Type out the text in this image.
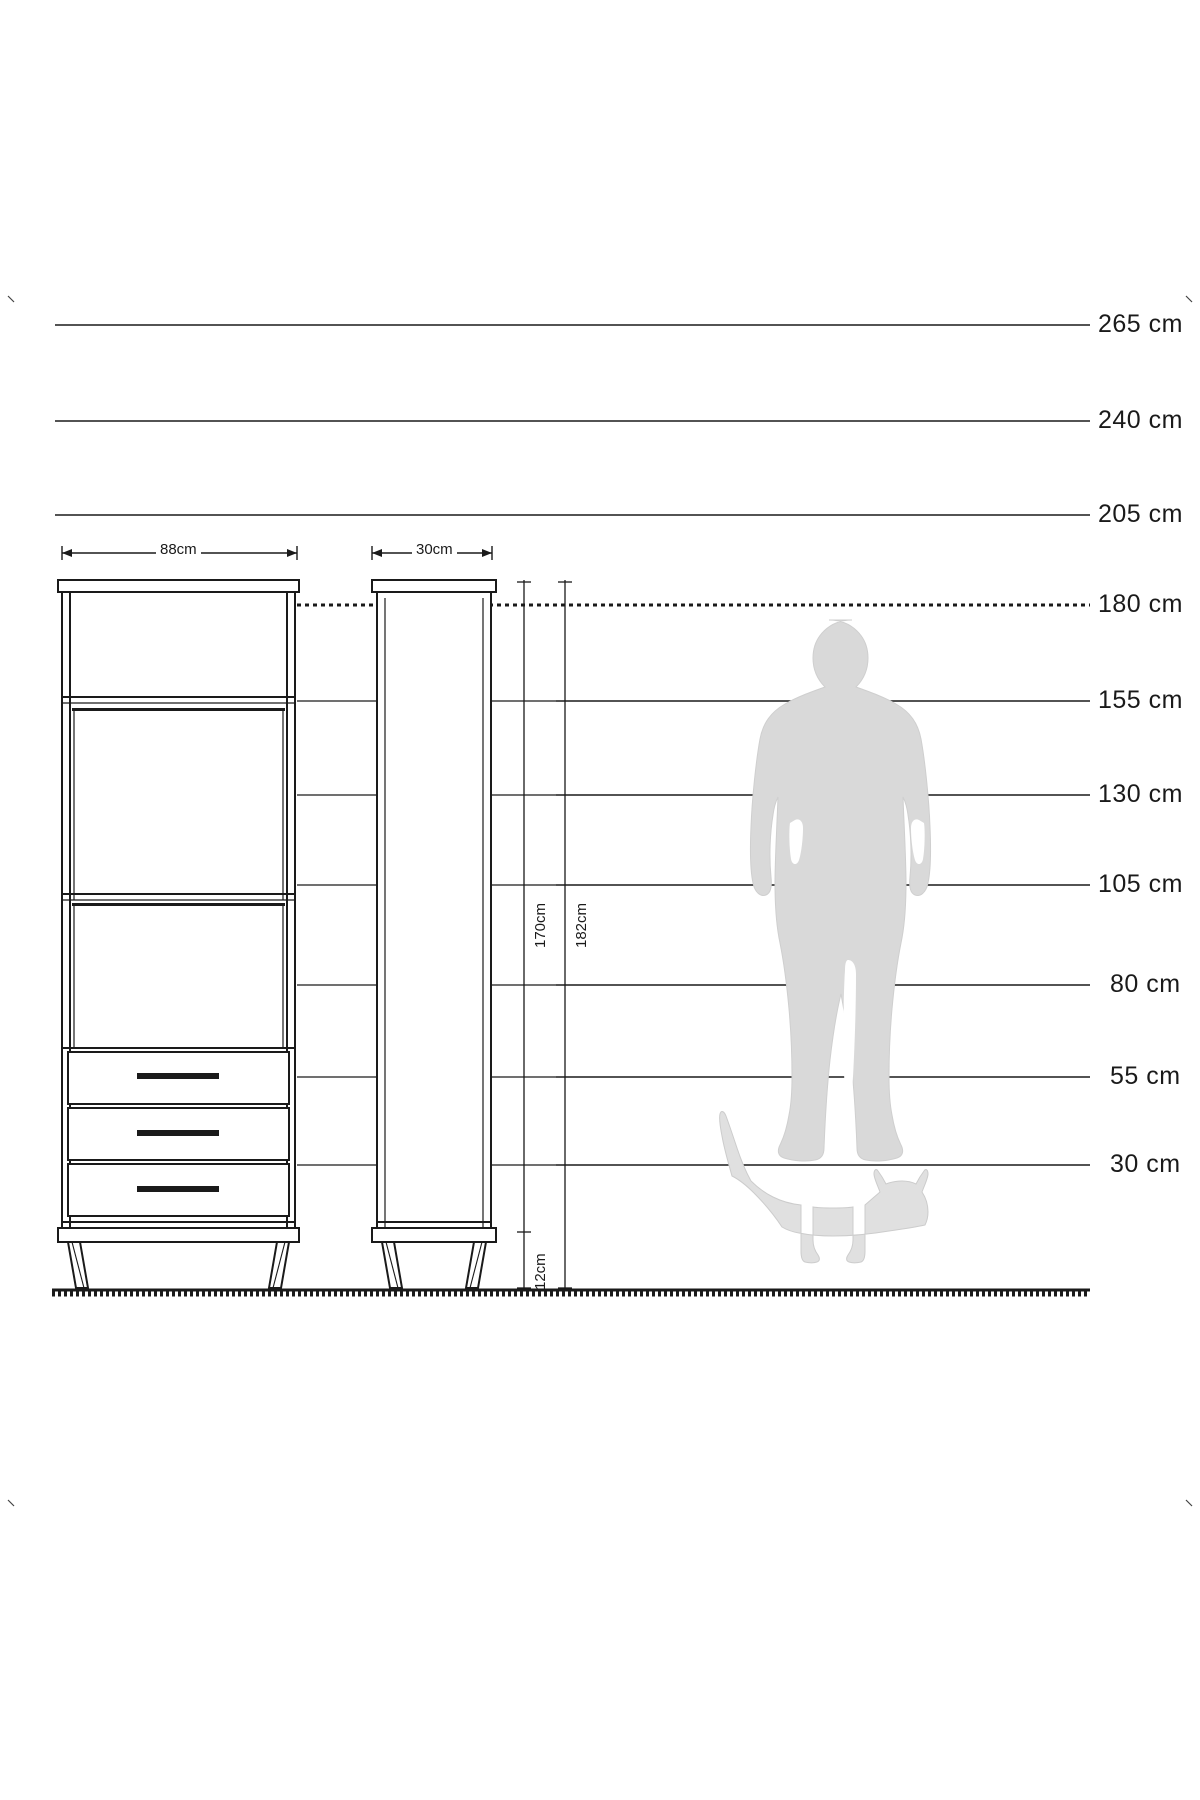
265 cm
240 cm
205 cm
180 cm
155 cm
130 cm
105 cm
80 cm
55 cm
30 cm
88cm	30cm
170cm 182cm
12cm
